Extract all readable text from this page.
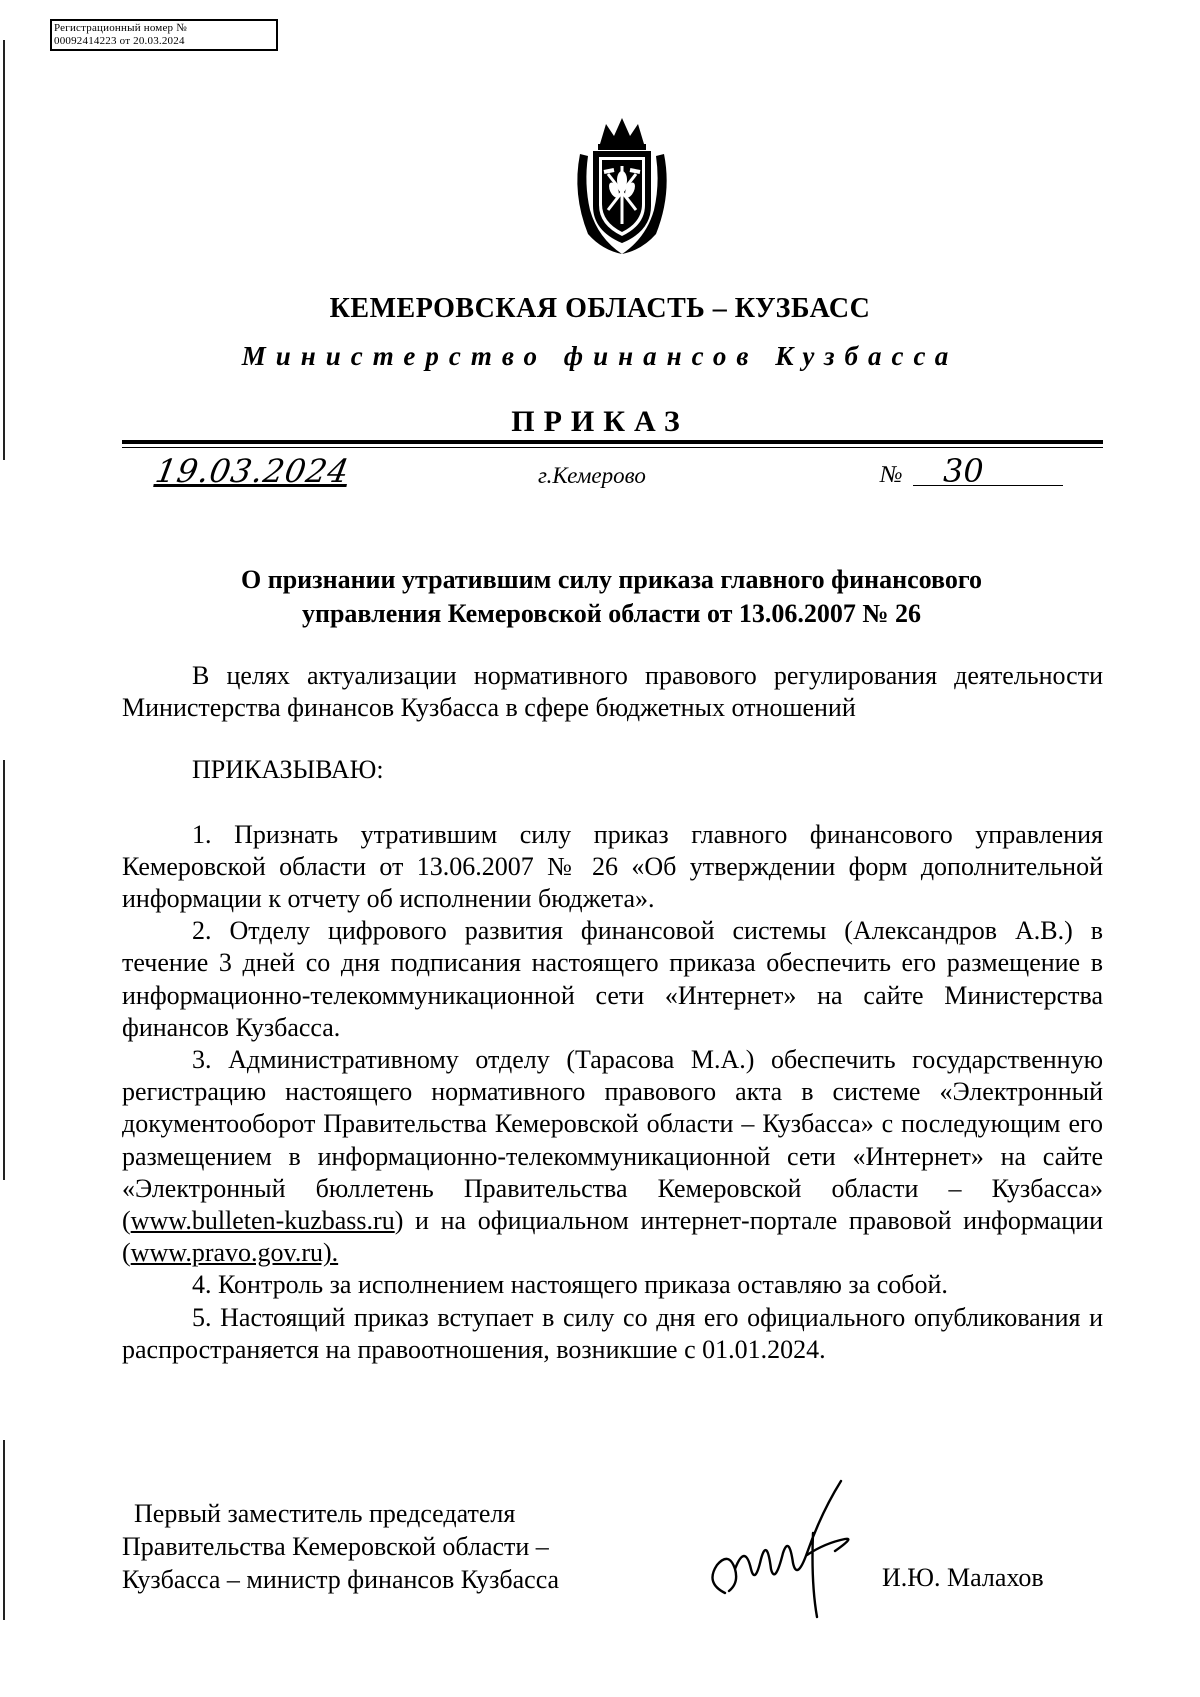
Регистрационный номер №
00092414223 от 20.03.2024
КЕМЕРОВСКАЯ ОБЛАСТЬ – КУЗБАСС
Министерство финансов Кузбасса
ПРИКАЗ
19.03.2024	г.Кемерово	№	30
О признании утратившим силу приказа главного финансового
управления Кемеровской области от 13.06.2007 № 26

В целях актуализации нормативного правового регулирования деятельности Министерства финансов Кузбасса в сфере бюджетных отношений

ПРИКАЗЫВАЮ:

1. Признать утратившим силу приказ главного финансового управления Кемеровской области от 13.06.2007 № 26 «Об утверждении форм дополнительной информации к отчету об исполнении бюджета».

2. Отделу цифрового развития финансовой системы (Александров А.В.) в течение 3 дней со дня подписания настоящего приказа обеспечить его размещение в информационно-телекоммуникационной сети «Интернет» на сайте Министерства финансов Кузбасса.

3. Административному отделу (Тарасова М.А.) обеспечить государственную регистрацию настоящего нормативного правового акта в системе «Электронный документооборот Правительства Кемеровской области – Кузбасса» с последующим его размещением в информационно-телекоммуникационной сети «Интернет» на сайте «Электронный бюллетень Правительства Кемеровской области – Кузбасса» (www.bulleten-kuzbass.ru) и на официальном интернет-портале правовой информации (www.pravo.gov.ru).

4. Контроль за исполнением настоящего приказа оставляю за собой.

5. Настоящий приказ вступает в силу со дня его официального опубликования и распространяется на правоотношения, возникшие с 01.01.2024.

Первый заместитель председателя
Правительства Кемеровской области –
Кузбасса – министр финансов Кузбасса	И.Ю. Малахов
